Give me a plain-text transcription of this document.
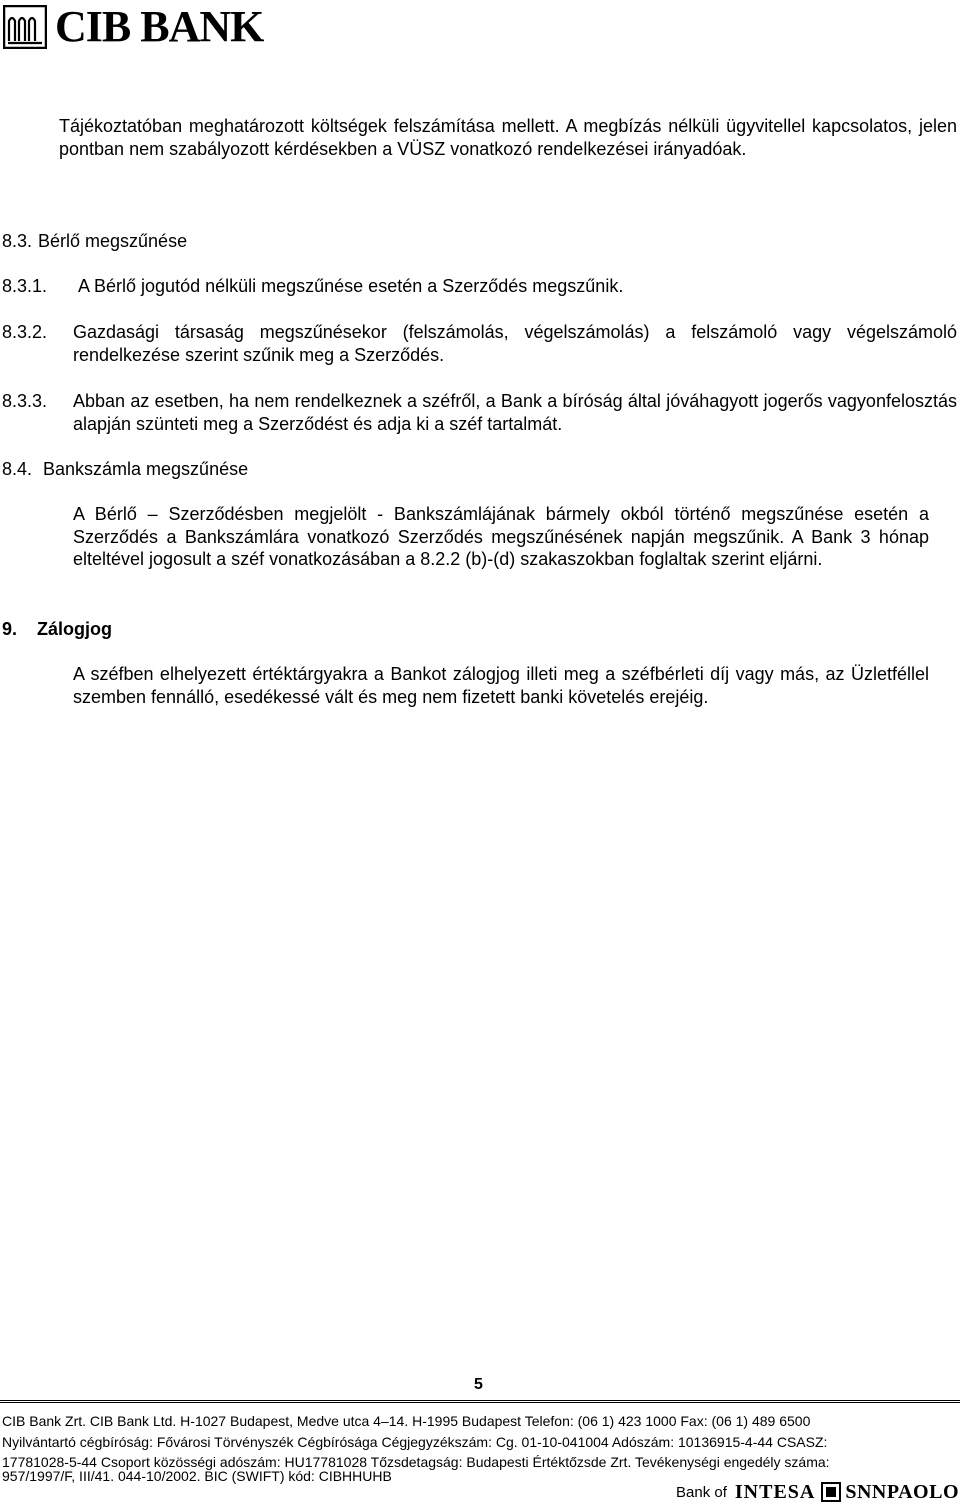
CIB BANK

Tájékoztatóban meghatározott költségek felszámítása mellett. A megbízás nélküli ügyvitellel kapcsolatos, jelen pontban nem szabályozott kérdésekben a VÜSZ vonatkozó rendelkezései irányadóak.

8.3. Bérlő megszűnése
8.3.1. A Bérlő jogutód nélküli megszűnése esetén a Szerződés megszűnik.
8.3.2. Gazdasági társaság megszűnésekor (felszámolás, végelszámolás) a felszámoló vagy végelszámoló rendelkezése szerint szűnik meg a Szerződés.

8.3.3. Abban az esetben, ha nem rendelkeznek a széfről, a Bank a bíróság által jóváhagyott jogerős vagyonfelosztás alapján szünteti meg a Szerződést és adja ki a széf tartalmát.

8.4. Bankszámla megszűnése

A Bérlő – Szerződésben megjelölt - Bankszámlájának bármely okból történő megszűnése esetén a Szerződés a Bankszámlára vonatkozó Szerződés megszűnésének napján megszűnik. A Bank 3 hónap elteltével jogosult a széf vonatkozásában a 8.2.2 (b)-(d) szakaszokban foglaltak szerint eljárni.

9. Zálogjog

A széfben elhelyezett értéktárgyakra a Bankot zálogjog illeti meg a széfbérleti díj vagy más, az Üzletféllel szemben fennálló, esedékessé vált és meg nem fizetett banki követelés erejéig.

5
CIB Bank Zrt. CIB Bank Ltd. H-1027 Budapest, Medve utca 4–14. H-1995 Budapest Telefon: (06 1) 423 1000 Fax: (06 1) 489 6500
Nyilvántartó cégbíróság: Fővárosi Törvényszék Cégbírósága Cégjegyzékszám: Cg. 01-10-041004 Adószám: 10136915-4-44 CSASZ:
17781028-5-44 Csoport közösségi adószám: HU17781028 Tőzsdetagság: Budapesti Értéktőzsde Zrt. Tevékenységi engedély száma:
957/1997/F, III/41. 044-10/2002. BIC (SWIFT) kód: CIBHHUHB
Bank of INTESA SNNPAOLO
